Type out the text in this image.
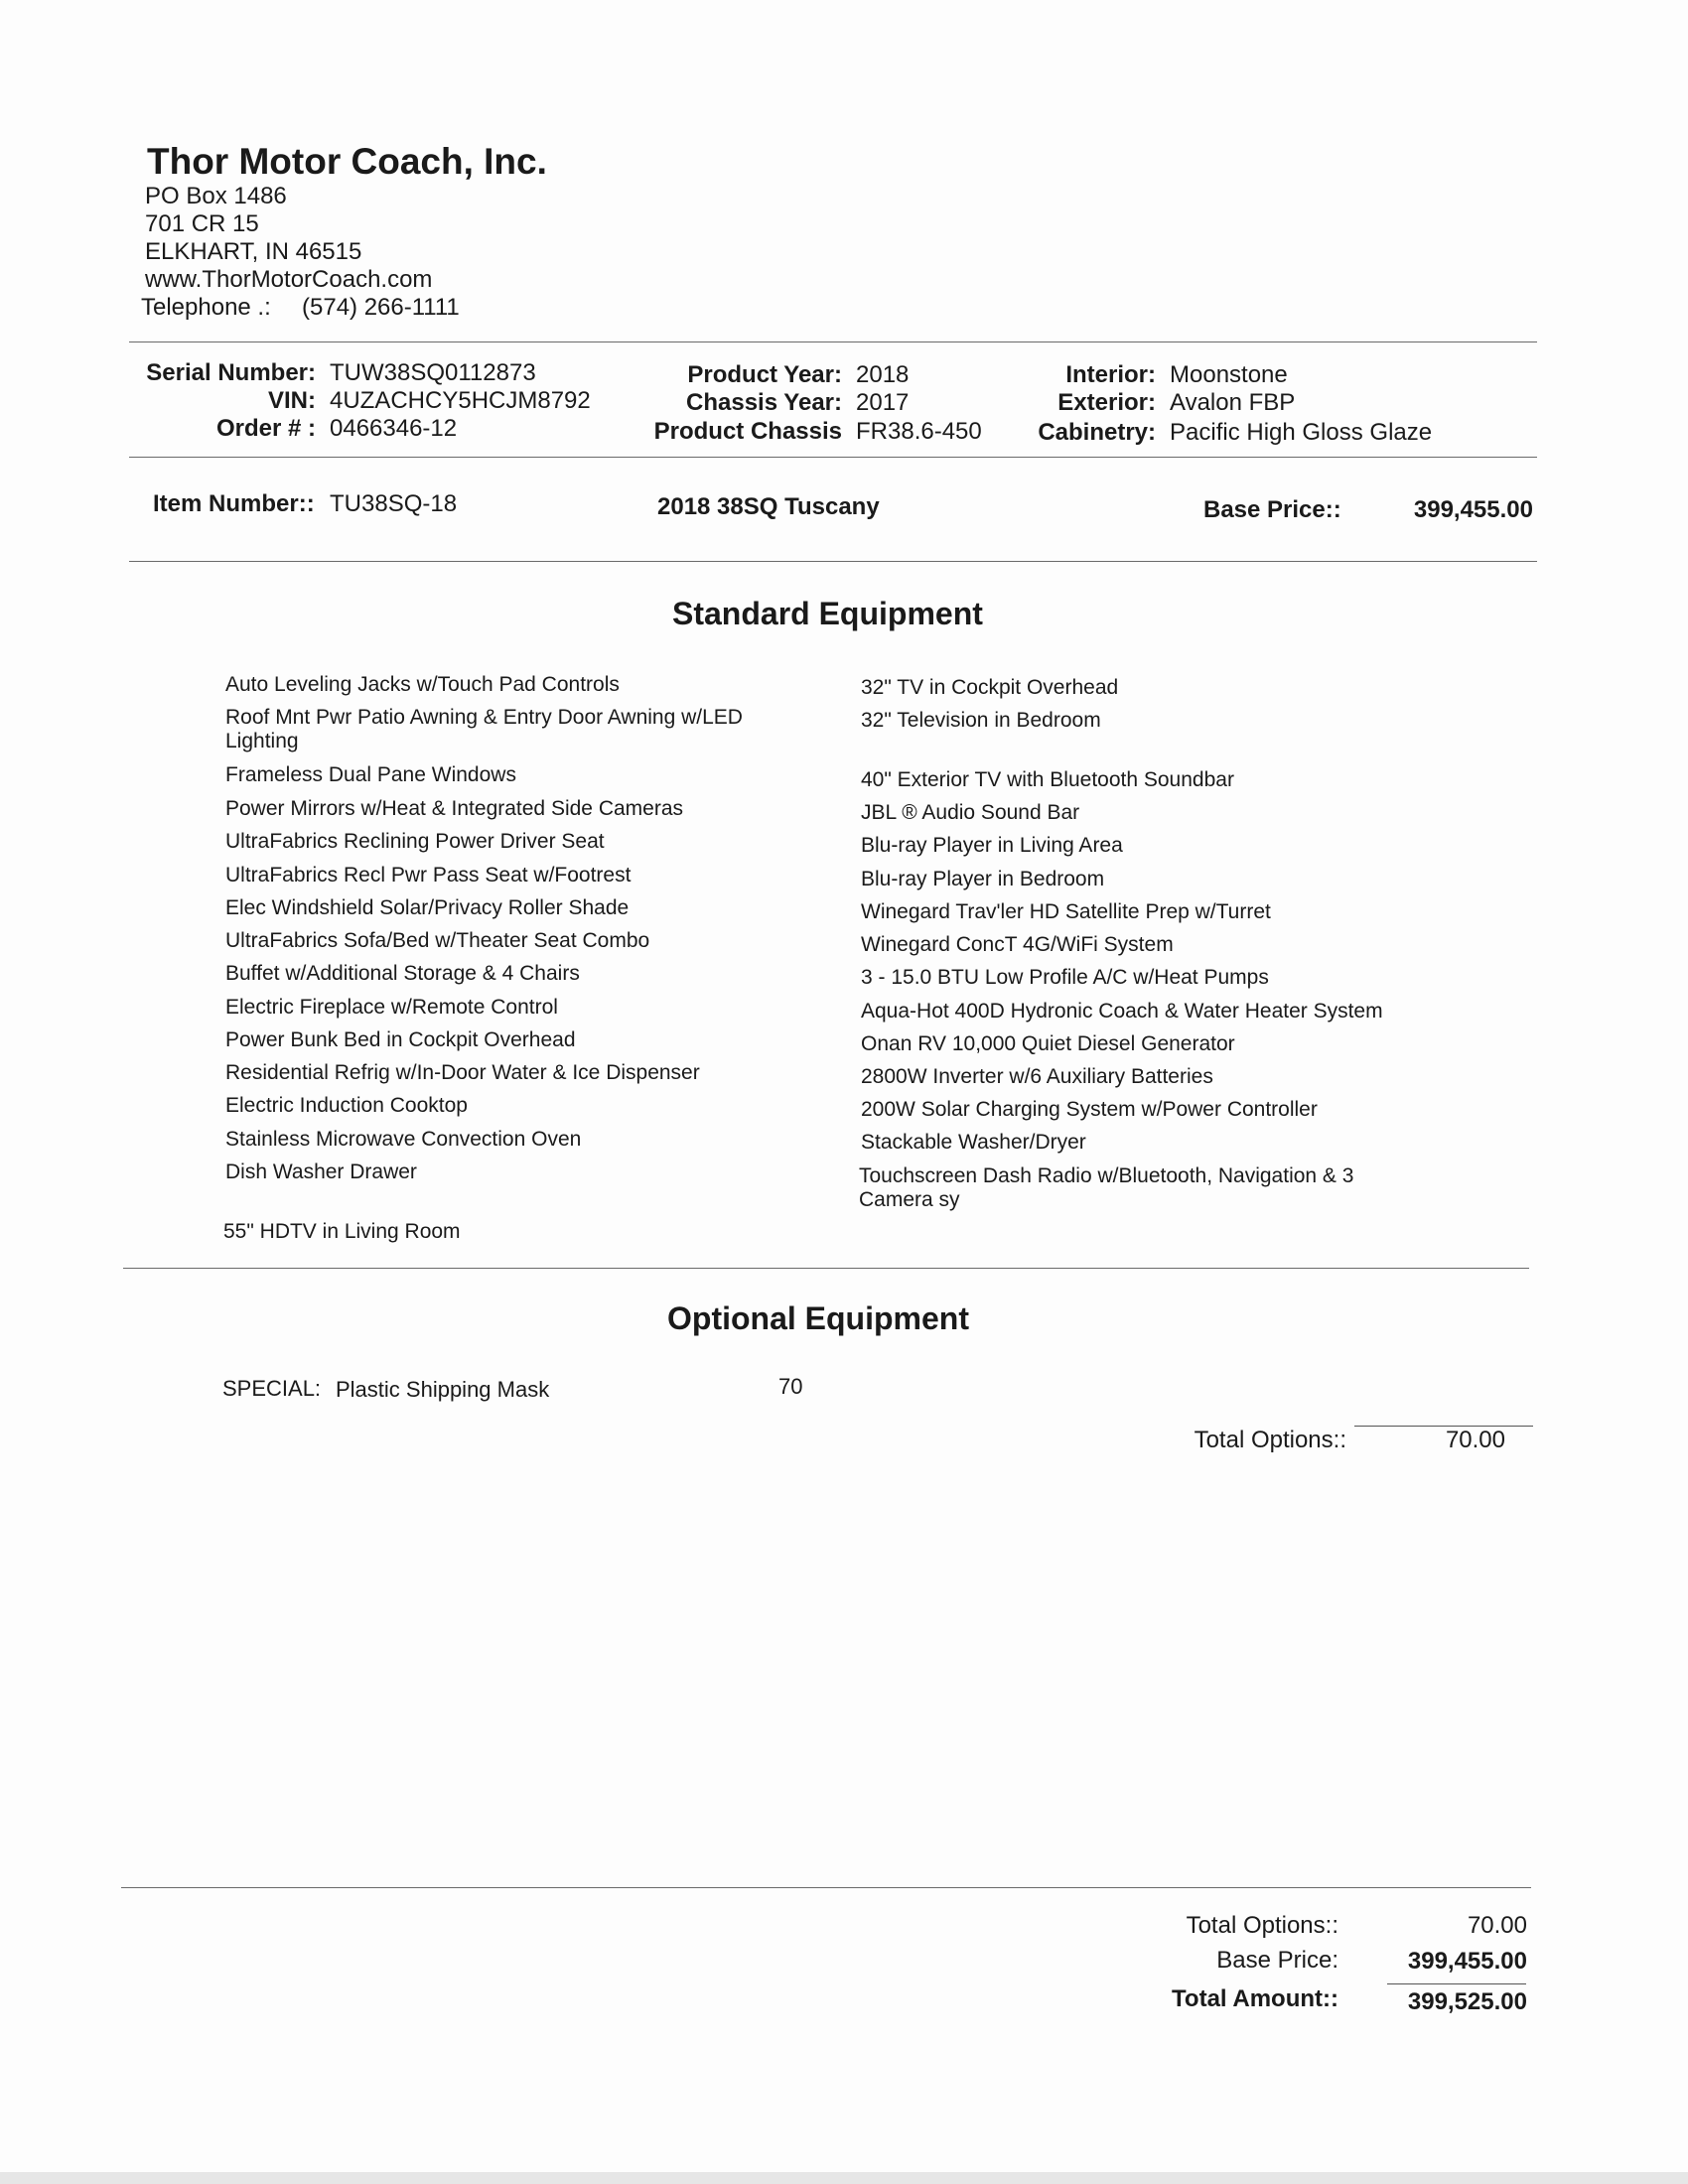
Thor Motor Coach, Inc.
PO Box 1486
701 CR 15
ELKHART, IN 46515
www.ThorMotorCoach.com
Telephone .: (574) 266-1111
Serial Number: TUW38SQ0112873
VIN: 4UZACHCY5HCJM8792
Order # : 0466346-12
Product Year: 2018
Chassis Year: 2017
Product Chassis FR38.6-450
Interior: Moonstone
Exterior: Avalon FBP
Cabinetry: Pacific High Gloss Glaze
Item Number:: TU38SQ-18	2018 38SQ Tuscany	Base Price::	399,455.00
Standard Equipment
Auto Leveling Jacks w/Touch Pad Controls
Roof Mnt Pwr Patio Awning & Entry Door Awning w/LED Lighting
Frameless Dual Pane Windows
Power Mirrors w/Heat & Integrated Side Cameras
UltraFabrics Reclining Power Driver Seat
UltraFabrics Recl Pwr Pass Seat w/Footrest
Elec Windshield Solar/Privacy Roller Shade
UltraFabrics Sofa/Bed w/Theater Seat Combo
Buffet w/Additional Storage & 4 Chairs
Electric Fireplace w/Remote Control
Power Bunk Bed in Cockpit Overhead
Residential Refrig w/In-Door Water & Ice Dispenser
Electric Induction Cooktop
Stainless Microwave Convection Oven
Dish Washer Drawer
55" HDTV in Living Room
32" TV in Cockpit Overhead
32" Television in Bedroom
40" Exterior TV with Bluetooth Soundbar
JBL ® Audio Sound Bar
Blu-ray Player in Living Area
Blu-ray Player in Bedroom
Winegard Trav'ler HD Satellite Prep w/Turret
Winegard ConcT 4G/WiFi System
3 - 15.0 BTU Low Profile A/C w/Heat Pumps
Aqua-Hot 400D Hydronic Coach & Water Heater System
Onan RV 10,000 Quiet Diesel Generator
2800W Inverter w/6 Auxiliary Batteries
200W Solar Charging System w/Power Controller
Stackable Washer/Dryer
Touchscreen Dash Radio w/Bluetooth, Navigation & 3 Camera sy
Optional Equipment
SPECIAL: Plastic Shipping Mask	70
Total Options::	70.00
Total Options::	70.00
Base Price:	399,455.00
Total Amount::	399,525.00
